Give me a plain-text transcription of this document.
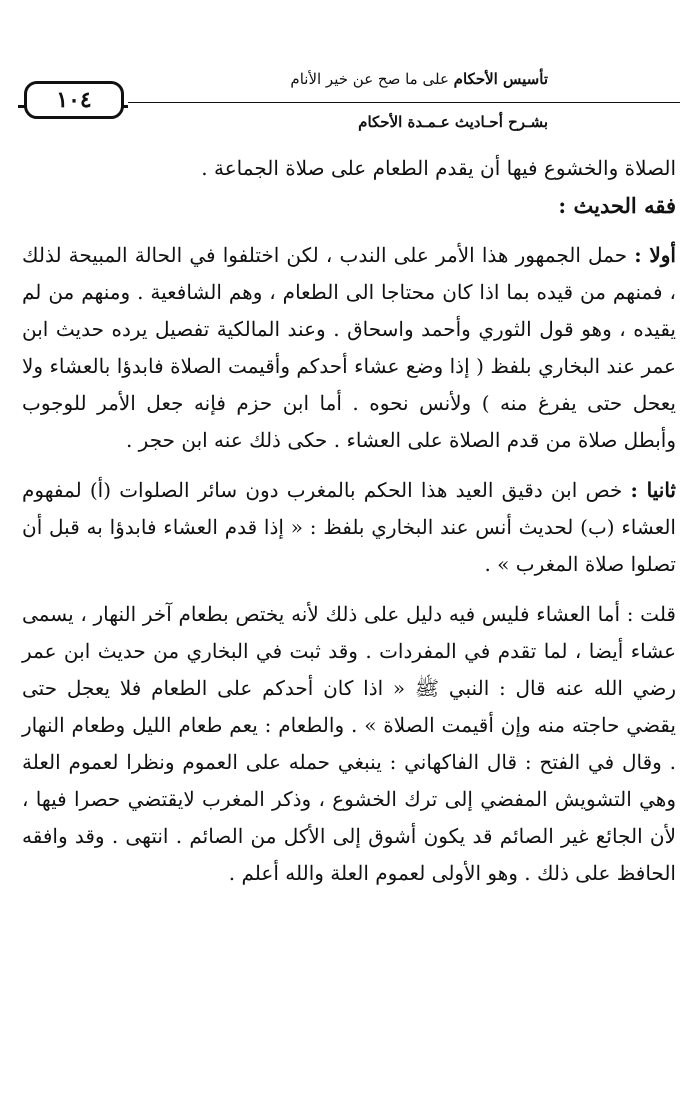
تأسيس الأحكام على ما صح عن خير الأنام
١٠٤
بشـرح أحـاديث عـمـدة الأحكام

الصلاة والخشوع فيها أن يقدم الطعام على صلاة الجماعة .

فقه الحديث :

أولا : حمل الجمهور هذا الأمر على الندب ، لكن اختلفوا في الحالة المبيحة لذلك ، فمنهم من قيده بما اذا كان محتاجا الى الطعام ، وهم الشافعية . ومنهم من لم يقيده ، وهو قول الثوري وأحمد واسحاق . وعند المالكية تفصيل يرده حديث ابن عمر عند البخاري بلفظ ( إذا وضع عشاء أحدكم وأقيمت الصلاة فابدؤا بالعشاء ولا يعحل حتى يفرغ منه ) ولأنس نحوه . أما ابن حزم فإنه جعل الأمر للوجوب وأبطل صلاة من قدم الصلاة على العشاء . حكى ذلك عنه ابن حجر .

ثانيا : خص ابن دقيق العيد هذا الحكم بالمغرب دون سائر الصلوات (أ) لمفهوم العشاء (ب) لحديث أنس عند البخاري بلفظ : « إذا قدم العشاء فابدؤا به قبل أن تصلوا صلاة المغرب » .

قلت : أما العشاء فليس فيه دليل على ذلك لأنه يختص بطعام آخر النهار ، يسمى عشاء أيضا ، لما تقدم في المفردات . وقد ثبت في البخاري من حديث ابن عمر رضي الله عنه قال : النبي ﷺ « اذا كان أحدكم على الطعام فلا يعجل حتى يقضي حاجته منه وإن أقيمت الصلاة » . والطعام : يعم طعام الليل وطعام النهار . وقال في الفتح : قال الفاكهاني : ينبغي حمله على العموم ونظرا لعموم العلة وهي التشويش المفضي إلى ترك الخشوع ، وذكر المغرب لايقتضي حصرا فيها ، لأن الجائع غير الصائم قد يكون أشوق إلى الأكل من الصائم . انتهى . وقد وافقه الحافظ على ذلك . وهو الأولى لعموم العلة والله أعلم .
